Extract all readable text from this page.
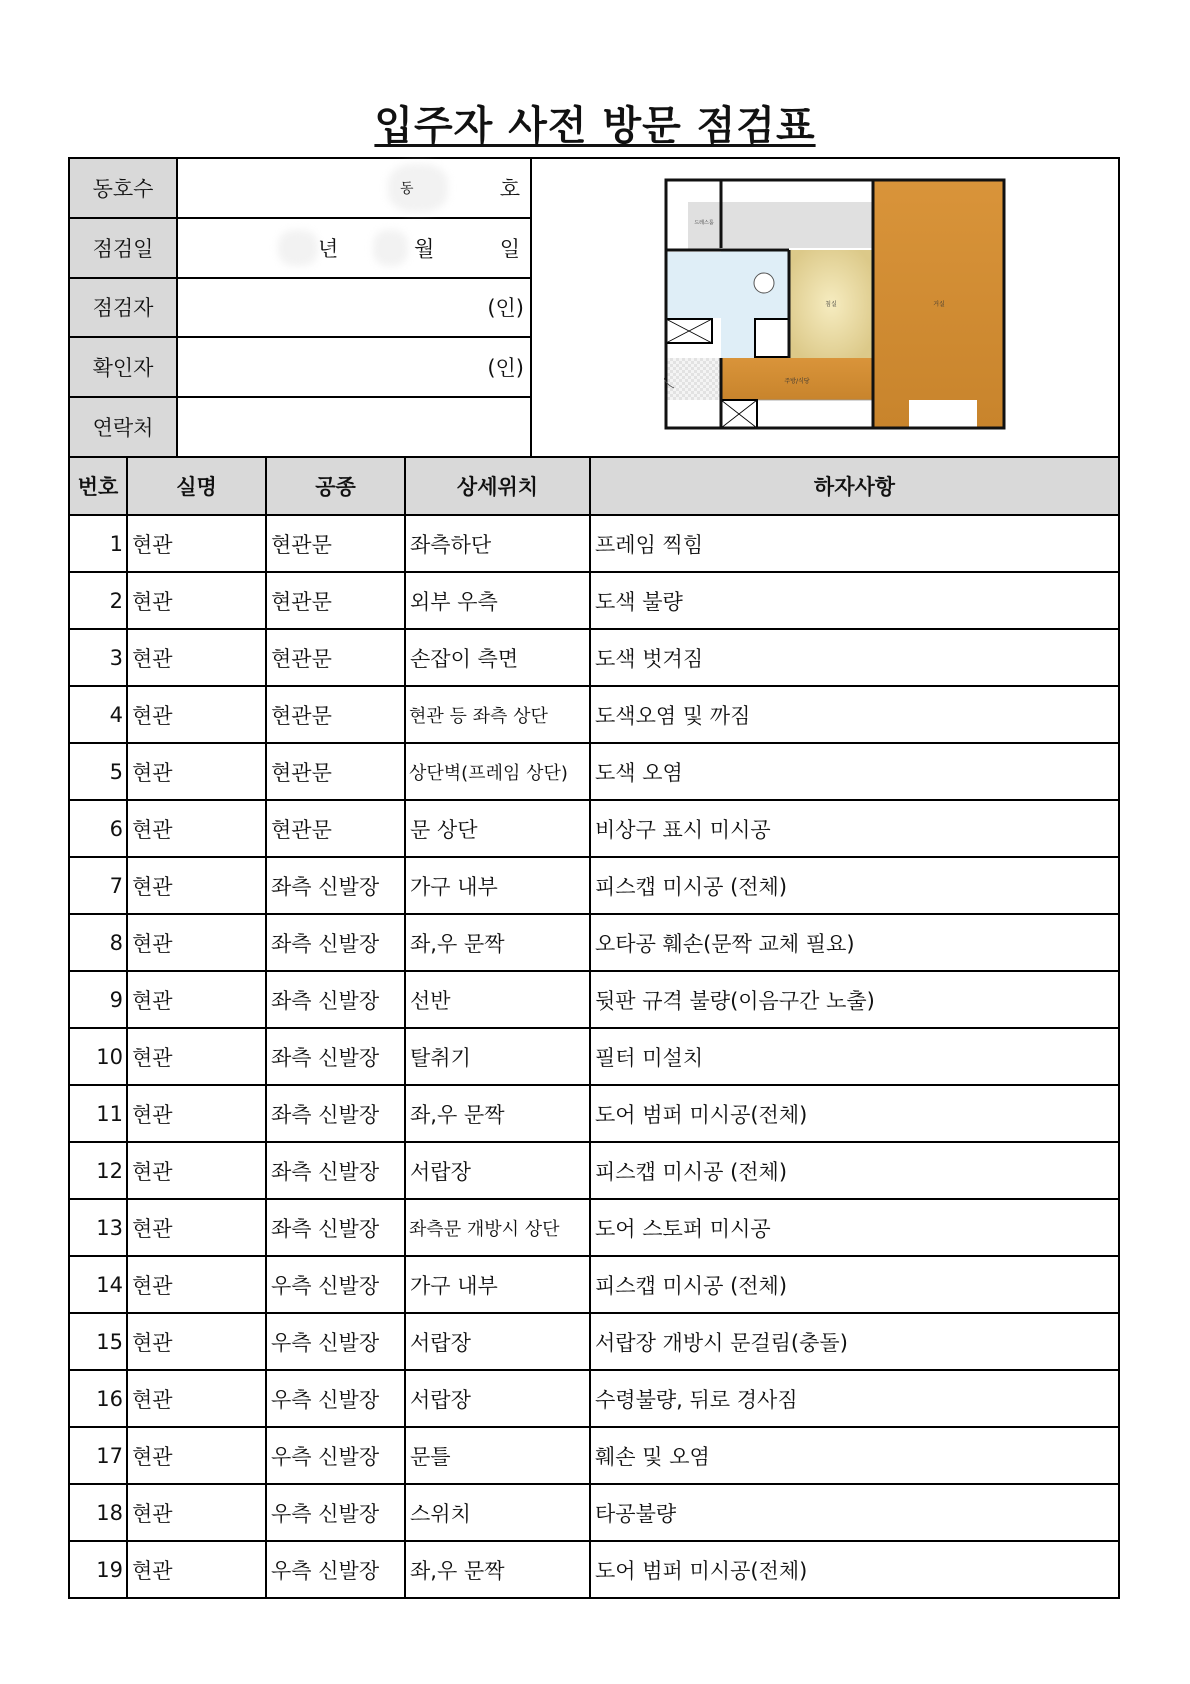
입주자 사전 방문 점검표
동호수	동	호
점검일	년	월	일
점검자	(인)
확인자	(인)
연락처
드레스룸
침실	거실
주방/식당
번호	실명	공종	상세위치	하자사항
1	현관	현관문	좌측하단	프레임 찍힘
2	현관	현관문	외부 우측	도색 불량
3	현관	현관문	손잡이 측면	도색 벗겨짐
4	현관	현관문	현관 등 좌측 상단	도색오염 및 까짐
5	현관	현관문	상단벽(프레임 상단)	도색 오염
6	현관	현관문	문 상단	비상구 표시 미시공
7	현관	좌측 신발장	가구 내부	피스캡 미시공 (전체)
8	현관	좌측 신발장	좌,우 문짝	오타공 훼손(문짝 교체 필요)
9	현관	좌측 신발장	선반	뒷판 규격 불량(이음구간 노출)
10	현관	좌측 신발장	탈취기	필터 미설치
11	현관	좌측 신발장	좌,우 문짝	도어 범퍼 미시공(전체)
12	현관	좌측 신발장	서랍장	피스캡 미시공 (전체)
13	현관	좌측 신발장	좌측문 개방시 상단	도어 스토퍼 미시공
14	현관	우측 신발장	가구 내부	피스캡 미시공 (전체)
15	현관	우측 신발장	서랍장	서랍장 개방시 문걸림(충돌)
16	현관	우측 신발장	서랍장	수령불량, 뒤로 경사짐
17	현관	우측 신발장	문틀	훼손 및 오염
18	현관	우측 신발장	스위치	타공불량
19	현관	우측 신발장	좌,우 문짝	도어 범퍼 미시공(전체)
